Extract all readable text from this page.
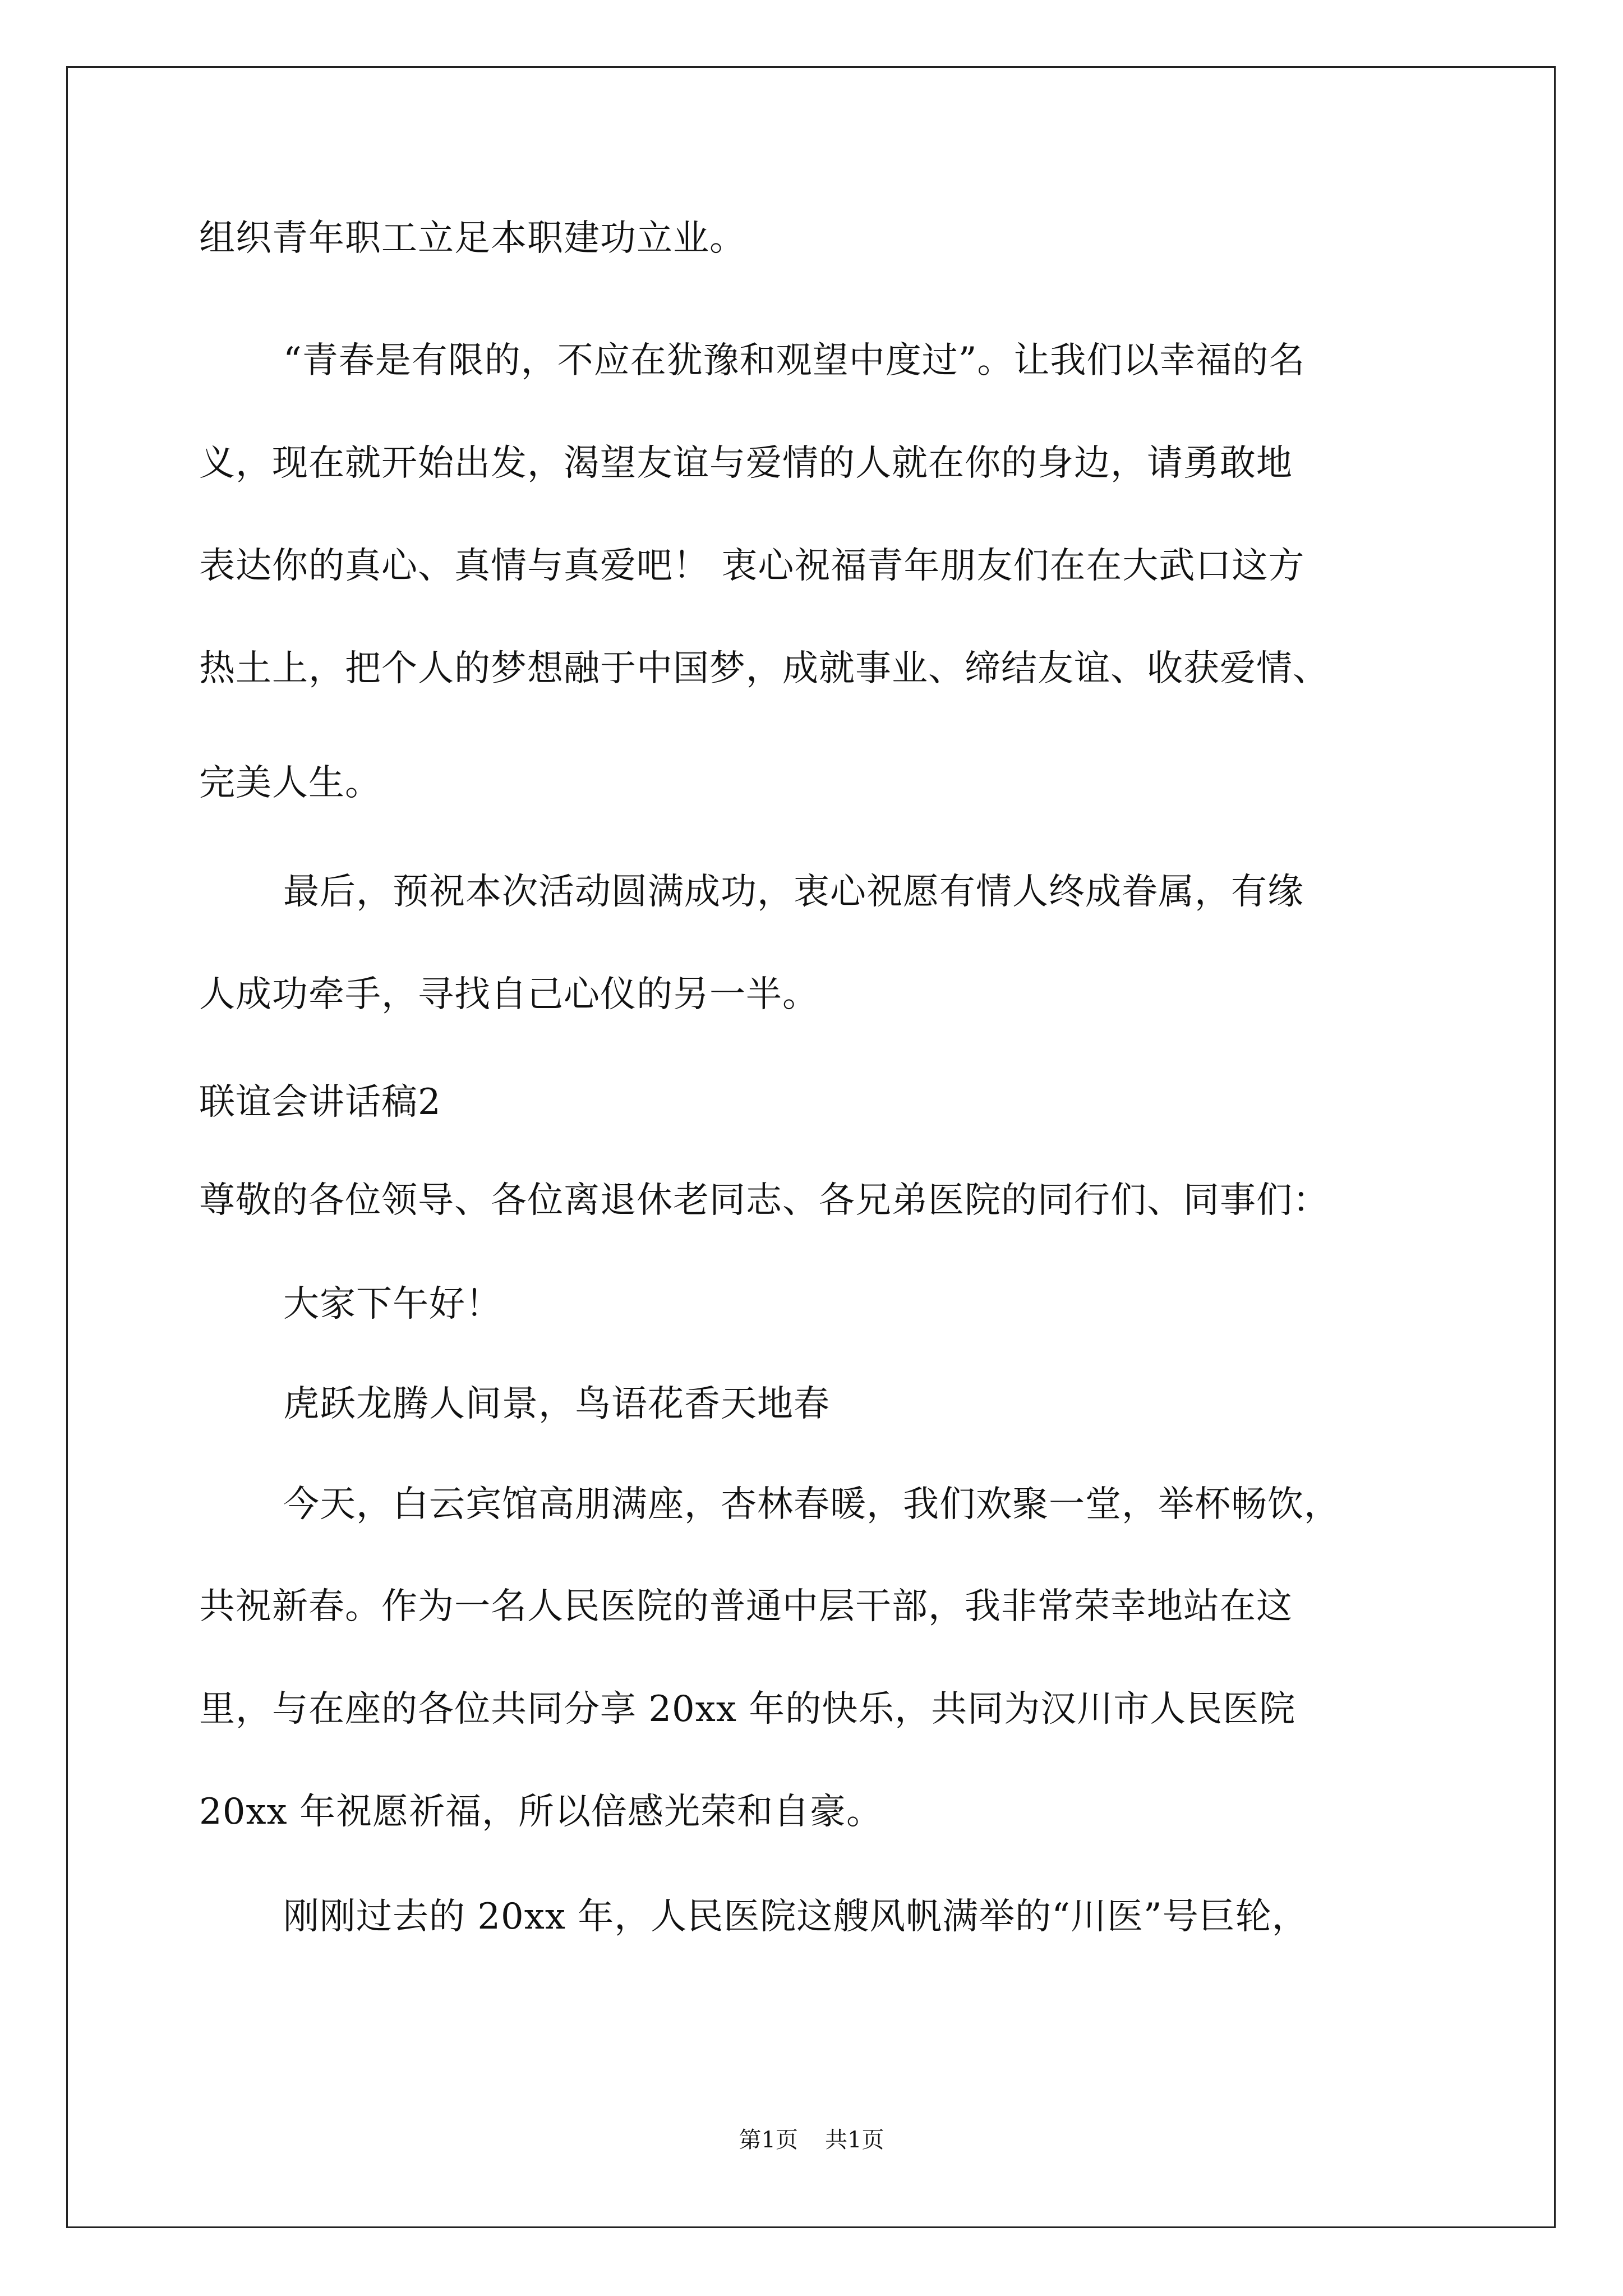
组织青年职工立足本职建功立业。
“青春是有限的，不应在犹豫和观望中度过”。让我们以幸福的名
义，现在就开始出发，渴望友谊与爱情的人就在你的身边，请勇敢地
表达你的真心、真情与真爱吧！ 衷心祝福青年朋友们在在大武口这方
热土上，把个人的梦想融于中国梦，成就事业、缔结友谊、收获爱情、
完美人生。
最后，预祝本次活动圆满成功，衷心祝愿有情人终成眷属，有缘
人成功牵手，寻找自己心仪的另一半。
联谊会讲话稿2
尊敬的各位领导、各位离退休老同志、各兄弟医院的同行们、同事们：
大家下午好！
虎跃龙腾人间景，鸟语花香天地春
今天，白云宾馆高朋满座，杏林春暖，我们欢聚一堂，举杯畅饮，
共祝新春。作为一名人民医院的普通中层干部，我非常荣幸地站在这
里，与在座的各位共同分享 20xx 年的快乐，共同为汉川市人民医院
20xx 年祝愿祈福，所以倍感光荣和自豪。
刚刚过去的 20xx 年，人民医院这艘风帆满举的“川医”号巨轮，
第1页 共1页
